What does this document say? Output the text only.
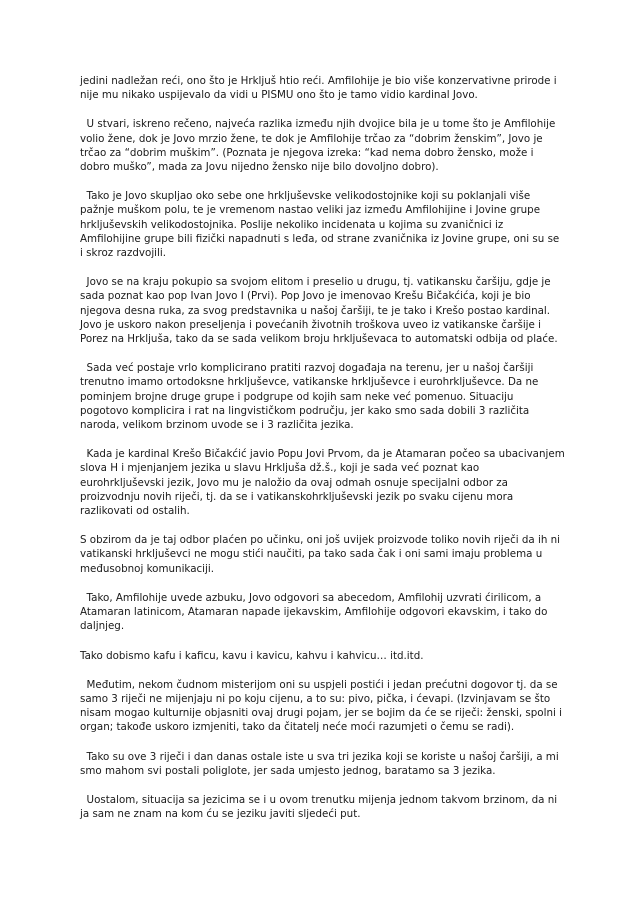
jedini nadležan reći, ono što je Hrkljuš htio reći. Amfilohije je bio više konzervativne prirode i nije mu nikako uspijevalo da vidi u PISMU ono što je tamo vidio kardinal Jovo.

U stvari, iskreno rečeno, najveća razlika između njih dvojice bila je u tome što je Amfilohije volio žene, dok je Jovo mrzio žene, te dok je Amfilohije trčao za “dobrim ženskim”, Jovo je trčao za “dobrim muškim”. (Poznata je njegova izreka: “kad nema dobro žensko, može i dobro muško”, mada za Jovu nijedno žensko nije bilo dovoljno dobro).

Tako je Jovo skupljao oko sebe one hrkljuševske velikodostojnike koji su poklanjali više pažnje muškom polu, te je vremenom nastao veliki jaz između Amfilohijine i Jovine grupe hrkljuševskih velikodostojnika. Poslije nekoliko incidenata u kojima su zvaničnici iz Amfilohijine grupe bili fizički napadnuti s leđa, od strane zvaničnika iz Jovine grupe, oni su se i skroz razdvojili.

Jovo se na kraju pokupio sa svojom elitom i preselio u drugu, tj. vatikansku čaršiju, gdje je sada poznat kao pop Ivan Jovo I (Prvi). Pop Jovo je imenovao Krešu Bičakćića, koji je bio njegova desna ruka, za svog predstavnika u našoj čaršiji, te je tako i Krešo postao kardinal. Jovo je uskoro nakon preseljenja i povećanih životnih troškova uveo iz vatikanske čaršije i Porez na Hrkljuša, tako da se sada velikom broju hrkljuševaca to automatski odbija od plaće.

Sada već postaje vrlo komplicirano pratiti razvoj događaja na terenu, jer u našoj čaršiji trenutno imamo ortodoksne hrkljuševce, vatikanske hrkljuševce i eurohrkljuševce. Da ne pominjem brojne druge grupe i podgrupe od kojih sam neke već pomenuo. Situaciju pogotovo komplicira i rat na lingvističkom području, jer kako smo sada dobili 3 različita naroda, velikom brzinom uvode se i 3 različita jezika.

Kada je kardinal Krešo Bičakćić javio Popu Jovi Prvom, da je Atamaran počeo sa ubacivanjem slova H i mjenjanjem jezika u slavu Hrkljuša dž.š., koji je sada već poznat kao eurohrkljuševski jezik, Jovo mu je naložio da ovaj odmah osnuje specijalni odbor za proizvodnju novih riječi, tj. da se i vatikanskohrkljuševski jezik po svaku cijenu mora razlikovati od ostalih.

S obzirom da je taj odbor plaćen po učinku, oni još uvijek proizvode toliko novih riječi da ih ni vatikanski hrkljuševci ne mogu stići naučiti, pa tako sada čak i oni sami imaju problema u međusobnoj komunikaciji.

Tako, Amfilohije uvede azbuku, Jovo odgovori sa abecedom, Amfilohij uzvrati ćirilicom, a Atamaran latinicom, Atamaran napade ijekavskim, Amfilohije odgovori ekavskim, i tako do daljnjeg.

Tako dobismo kafu i kaficu, kavu i kavicu, kahvu i kahvicu… itd.itd.

Međutim, nekom čudnom misterijom oni su uspjeli postići i jedan prećutni dogovor tj. da se samo 3 riječi ne mijenjaju ni po koju cijenu, a to su: pivo, pička, i ćevapi. (Izvinjavam se što nisam mogao kulturnije objasniti ovaj drugi pojam, jer se bojim da će se riječi: ženski, spolni i organ; takođe uskoro izmjeniti, tako da čitatelj neće moći razumjeti o čemu se radi).

Tako su ove 3 riječi i dan danas ostale iste u sva tri jezika koji se koriste u našoj čaršiji, a mi smo mahom svi postali poliglote, jer sada umjesto jednog, baratamo sa 3 jezika.

Uostalom, situacija sa jezicima se i u ovom trenutku mijenja jednom takvom brzinom, da ni ja sam ne znam na kom ću se jeziku javiti sljedeći put.
